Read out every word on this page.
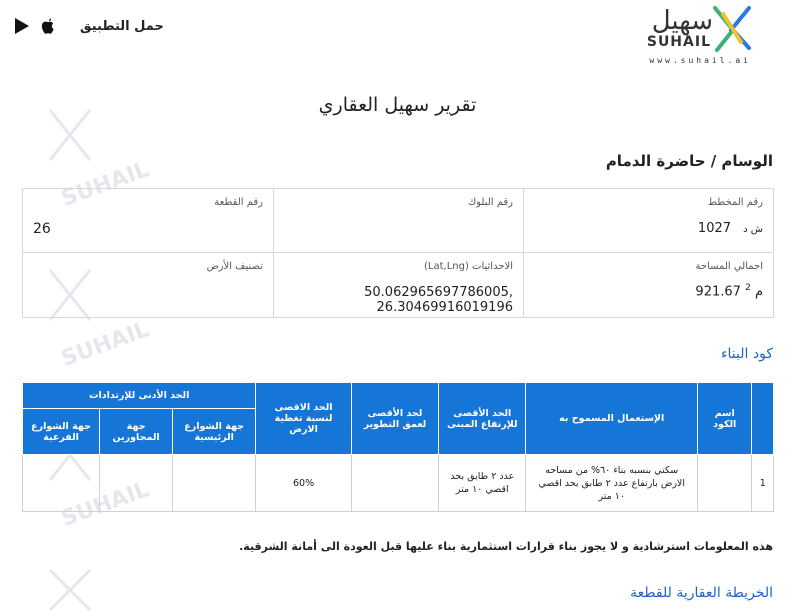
SUHAIL
SUHAIL
SUHAIL
حمل التطبيق	سهيل
SUHAIL
www.suhail.ai
تقرير سهيل العقاري
الوسام / حاضرة الدمام
رقم المخطط
1027 ش د
رقم البلوك
رقم القطعة
26
اجمالي المساحة
921.67 م $^2$
الاحداثيات (Lat,Lng)
50.062965697786005,
26.30469916019196
تصنيف الأرض
كود البناء
	اسم الكود	الإستعمال المسموح به	الحد الأقصى للإرتفاع المبنى	لحد الأقصى لعمق التطوير	الحد الاقصى لنسبة تغطية الارض	الحد الأدنى للإرتدادات		
						جهة الشوارع الرئيسية	جهة المجاورين	جهة الشوارع الفرعية
1		سكني بنسبه بناء ٦٠% من مساحه الارض بارتفاع عدد ٢ طابق بحد اقصي ١٠ متر	عدد ٢ طابق بحد اقصي ١٠ متر		60%			
هذه المعلومات استرشادية و لا يجوز بناء قرارات استثمارية بناء عليها قبل العودة الى أمانة الشرقية.
الخريطة العقارية للقطعة
